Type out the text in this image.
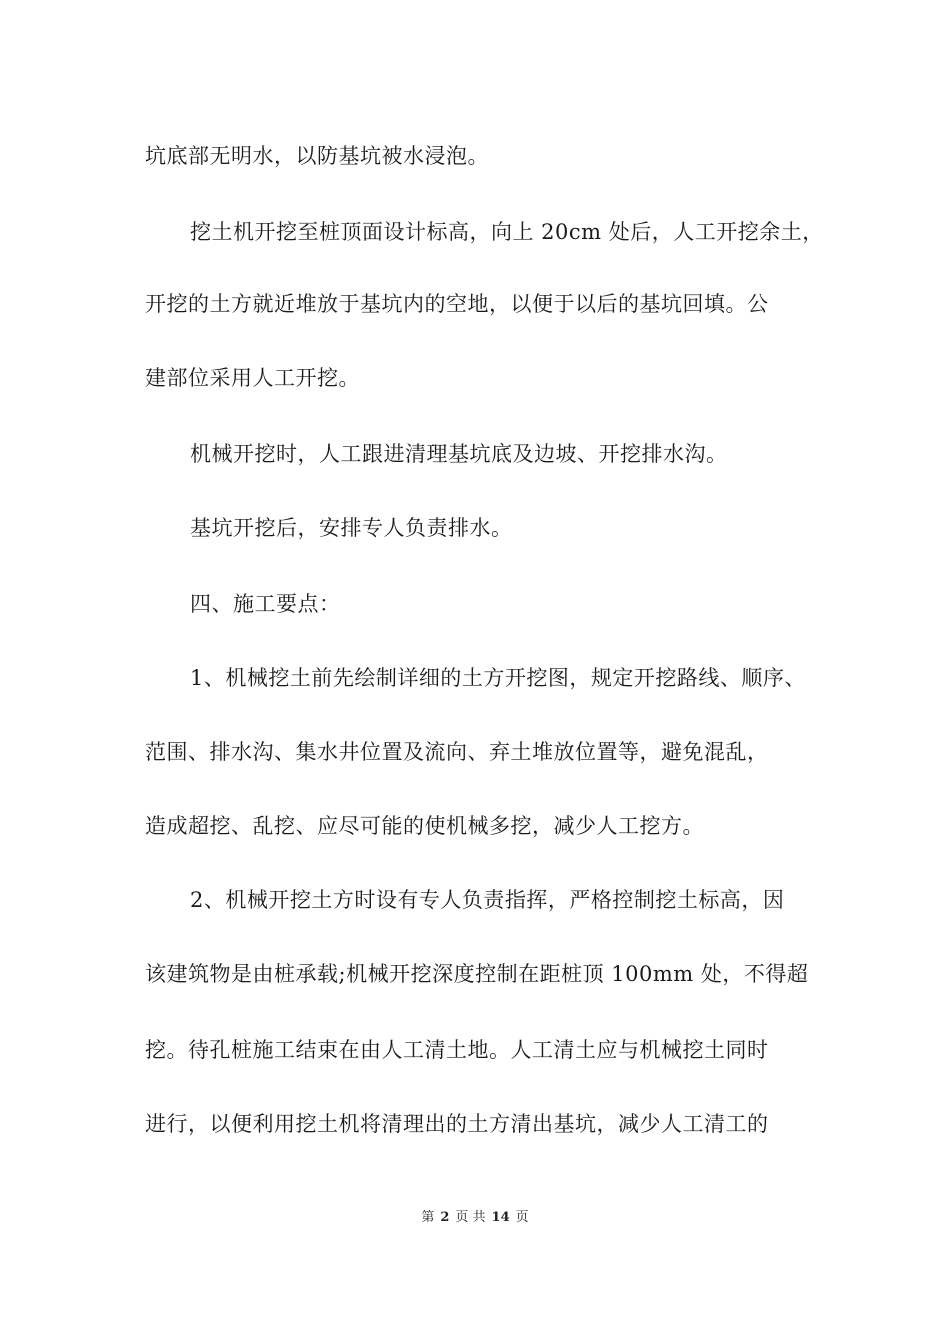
坑底部无明水，以防基坑被水浸泡。
挖土机开挖至桩顶面设计标高，向上 20cm 处后，人工开挖余土，
开挖的土方就近堆放于基坑内的空地，以便于以后的基坑回填。公
建部位采用人工开挖。
机械开挖时，人工跟进清理基坑底及边坡、开挖排水沟。
基坑开挖后，安排专人负责排水。
四、施工要点：
1、机械挖土前先绘制详细的土方开挖图，规定开挖路线、顺序、
范围、排水沟、集水井位置及流向、弃土堆放位置等，避免混乱，
造成超挖、乱挖、应尽可能的使机械多挖，减少人工挖方。
2、机械开挖土方时设有专人负责指挥，严格控制挖土标高，因
该建筑物是由桩承载;机械开挖深度控制在距桩顶 100mm 处，不得超
挖。待孔桩施工结束在由人工清土地。人工清土应与机械挖土同时
进行，以便利用挖土机将清理出的土方清出基坑，减少人工清工的
第 2 页 共 14 页
